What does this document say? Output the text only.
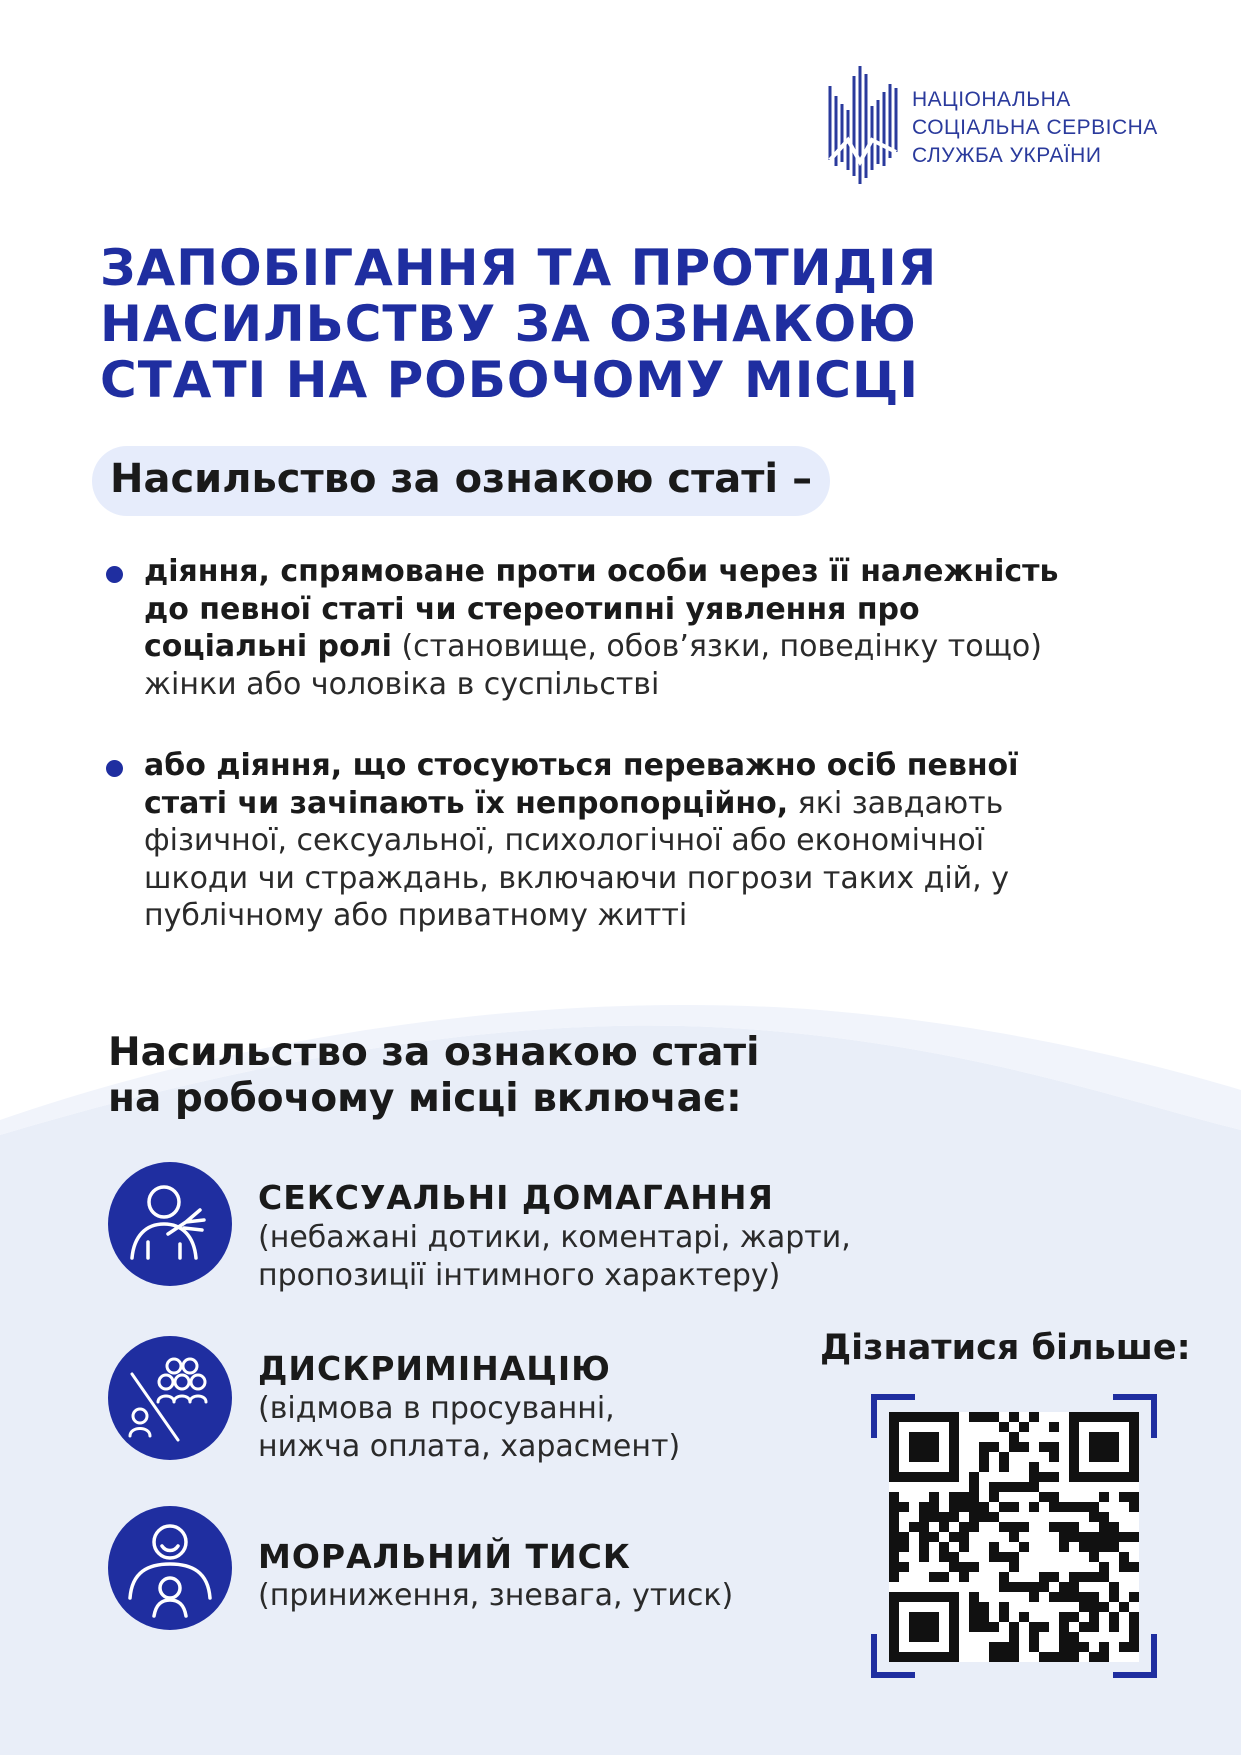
НАЦІОНАЛЬНА
СОЦІАЛЬНА СЕРВІСНА
СЛУЖБА УКРАЇНИ
ЗАПОБІГАННЯ ТА ПРОТИДІЯ
НАСИЛЬСТВУ ЗА ОЗНАКОЮ
СТАТІ НА РОБОЧОМУ МІСЦІ
Насильство за ознакою статі –
діяння, спрямоване проти особи через її належність до певної статі чи стереотипні уявлення про соціальні ролі (становище, обов’язки, поведінку тощо) жінки або чоловіка в суспільстві
або діяння, що стосуються переважно осіб певної статі чи зачіпають їх непропорційно, які завдають фізичної, сексуальної, психологічної або економічної шкоди чи страждань, включаючи погрози таких дій, у публічному або приватному житті
Насильство за ознакою статі
на робочому місці включає:
СЕКСУАЛЬНІ ДОМАГАННЯ
(небажані дотики, коментарі, жарти,
пропозиції інтимного характеру)
ДИСКРИМІНАЦІЮ
(відмова в просуванні,
нижча оплата, харасмент)
МОРАЛЬНИЙ ТИСК
(приниження, зневага, утиск)
Дізнатися більше:
